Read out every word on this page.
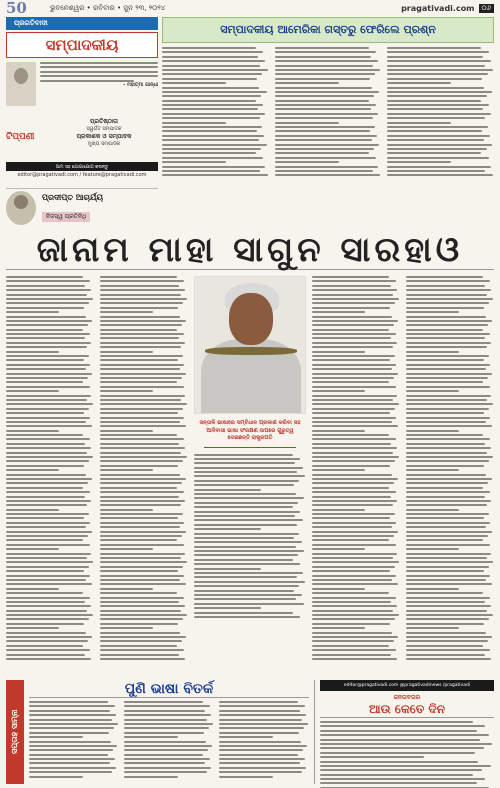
50	ଭୁବନେଶ୍ୱର • ରବିବାର • ଜୁନ ୨୩, ୨୦୨୪	pragativadi.com	୦୬
ପ୍ରଗତିବାଦୀ
ସମ୍ପାଦକୀୟ
- ମହାତ୍ମା ଗାନ୍ଧୀ
ଟିପ୍ପଣୀ
ପ୍ରତିଷ୍ଠାତା
ସ୍ୱର୍ଗତ ସମ୍ପାଦକ
ପ୍ରକାଶକ ଓ ସମ୍ପାଦକ
ମୁଖ୍ୟ ସମ୍ପାଦକ
ଆମ ସହ ଯୋଗାଯୋଗ କରନ୍ତୁ
editor@pragativadi.com / feature@pragativadi.com
ପ୍ରଦୀପ୍ତ ଆଚାର୍ଯ୍ୟ
ନିଜସ୍ୱ ପ୍ରତିନିଧି
ସମ୍ପାଦକୀୟ ଆମେରିକା ଗସ୍ତରୁ ଫେରିଲେ ପ୍ରଶ୍ନ
ଜାନାମ ମାହା ସାଗୁନ ସାରହାଓ
ସନ୍ତାଳି ଭାଷାରେ ସମ୍ବିଧାନ ପ୍ରକାଶ କରିବା ସହ ଆଦିବାସୀ ଭାଷା ସଂରକ୍ଷଣ ଉପରେ ଗୁରୁତ୍ୱ ଦେଇଛନ୍ତି ରାଷ୍ଟ୍ରପତି
ସପ୍ତାହ ସାମ୍ନା
ପୁଣି ଭାଷା ବିତର୍କ	editor@pragativadi.com @pragativadinews /pragativadi
ଜନତାବତାର
ଆଉ କେତେ ଦିନ
